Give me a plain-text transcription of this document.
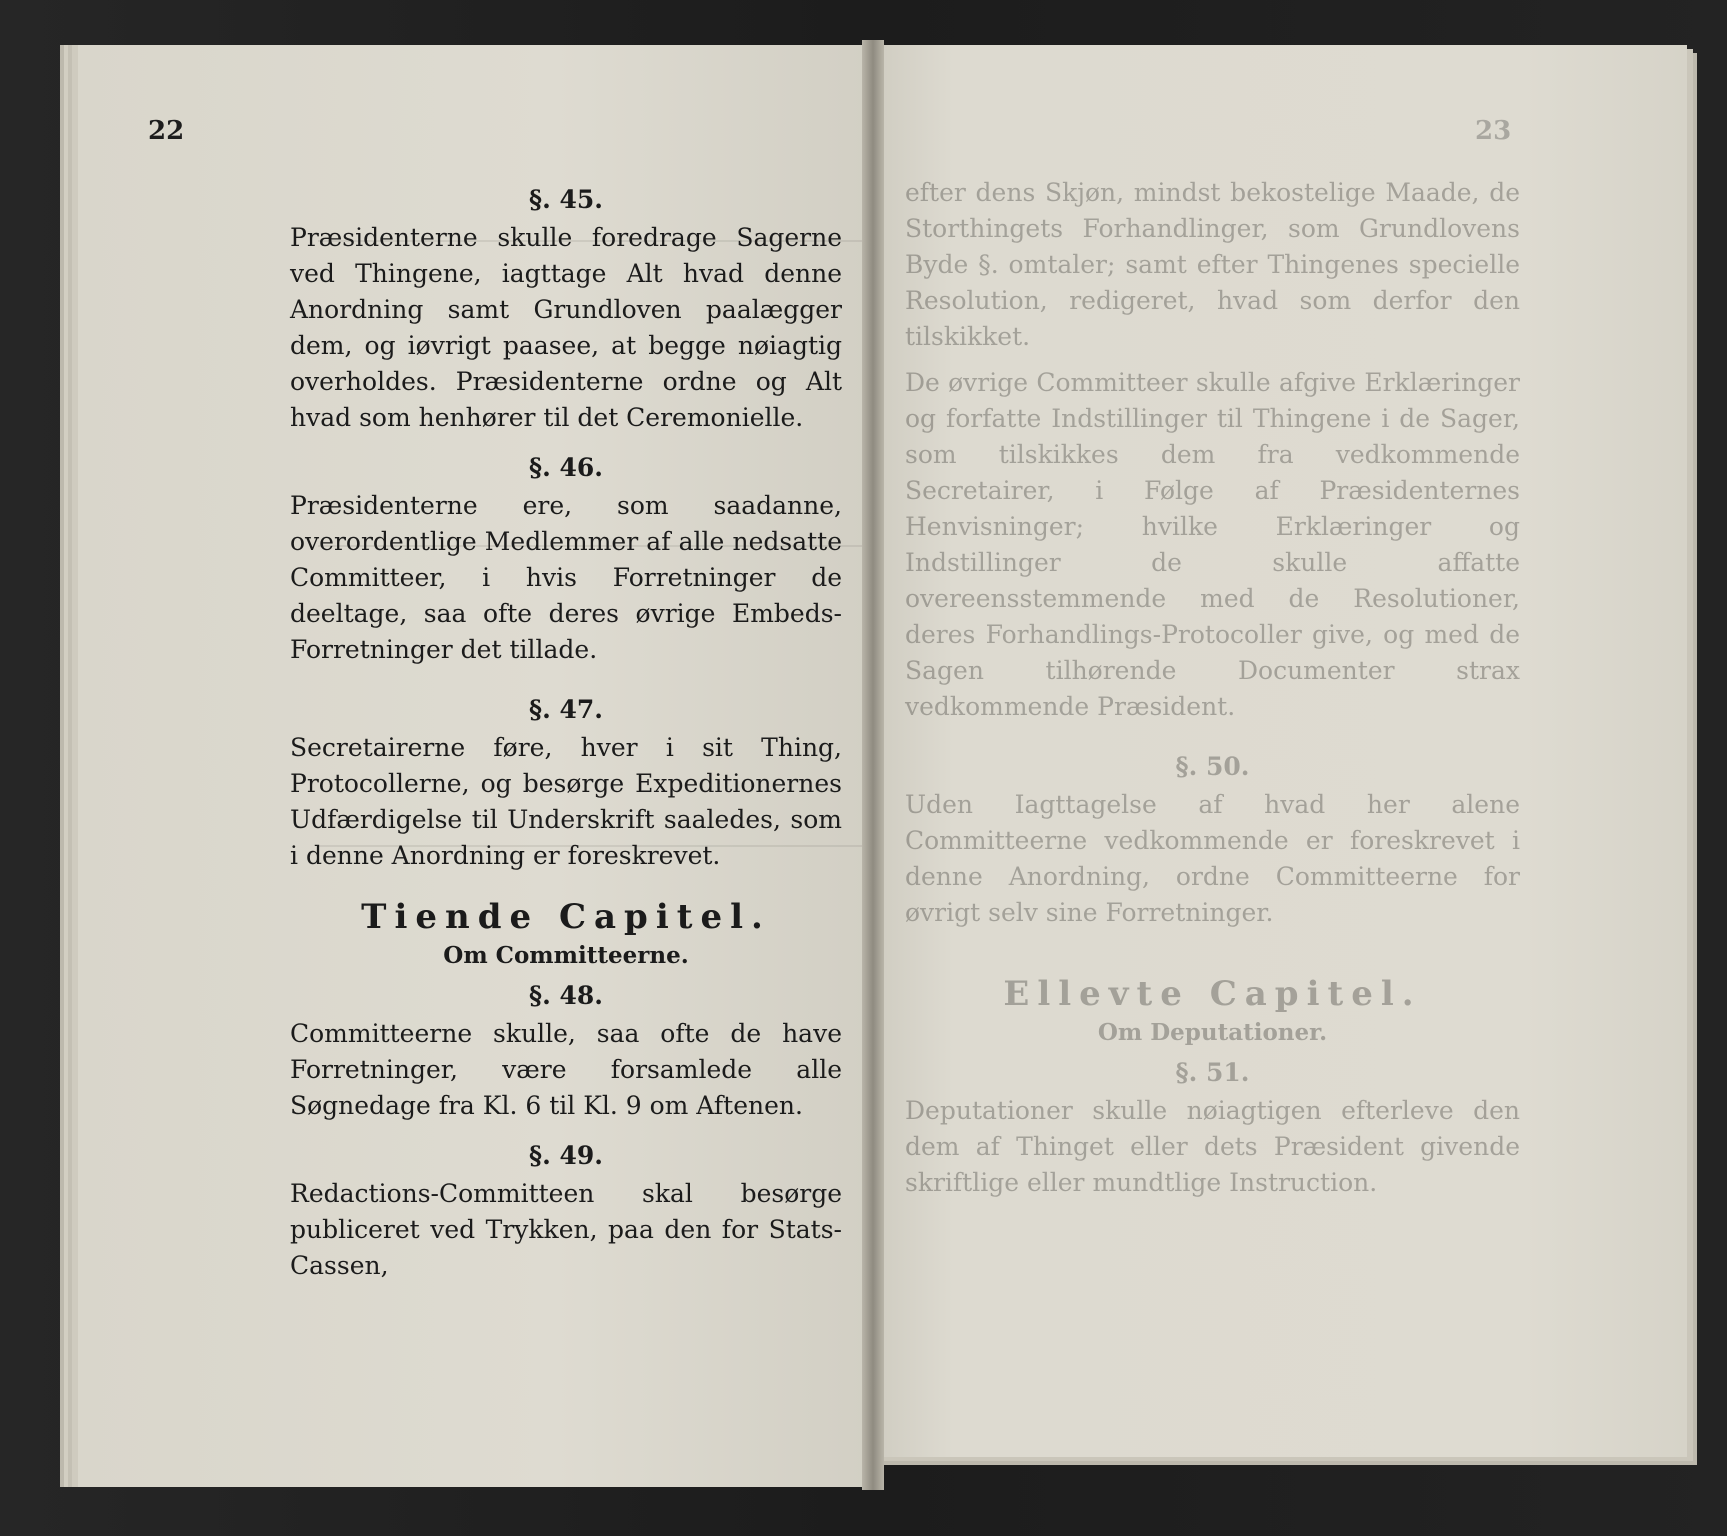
22	23
§. 45.
Præsidenterne skulle foredrage Sagerne ved Thingene, iagttage Alt hvad denne Anordning samt Grundloven paalægger dem, og iøvrigt paasee, at begge nøiagtig overholdes. Præsidenterne ordne og Alt hvad som henhører til det Ceremonielle.
§. 46.
Præsidenterne ere, som saadanne, overordentlige Medlemmer af alle nedsatte Committeer, i hvis Forretninger de deeltage, saa ofte deres øvrige Embeds-Forretninger det tillade.
§. 47.
Secretairerne føre, hver i sit Thing, Protocollerne, og besørge Expeditionernes Udfærdigelse til Underskrift saaledes, som i denne Anordning er foreskrevet.
Tiende Capitel.
Om Committeerne.
§. 48.
Committeerne skulle, saa ofte de have Forretninger, være forsamlede alle Søgnedage fra Kl. 6 til Kl. 9 om Aftenen.
§. 49.
Redactions-Committeen skal besørge publiceret ved Trykken, paa den for Stats-Cassen,
efter dens Skjøn, mindst bekostelige Maade, de Storthingets Forhandlinger, som Grundlovens Byde §. omtaler; samt efter Thingenes specielle Resolution, redigeret, hvad som derfor den tilskikket.
De øvrige Committeer skulle afgive Erklæringer og forfatte Indstillinger til Thingene i de Sager, som tilskikkes dem fra vedkommende Secretairer, i Følge af Præsidenternes Henvisninger; hvilke Erklæringer og Indstillinger de skulle affatte overeensstemmende med de Resolutioner, deres Forhandlings-Protocoller give, og med de Sagen tilhørende Documenter strax vedkommende Præsident.
§. 50.
Uden Iagttagelse af hvad her alene Committeerne vedkommende er foreskrevet i denne Anordning, ordne Committeerne for øvrigt selv sine Forretninger.
Ellevte Capitel.
Om Deputationer.
§. 51.
Deputationer skulle nøiagtigen efterleve den dem af Thinget eller dets Præsident givende skriftlige eller mundtlige Instruction.
